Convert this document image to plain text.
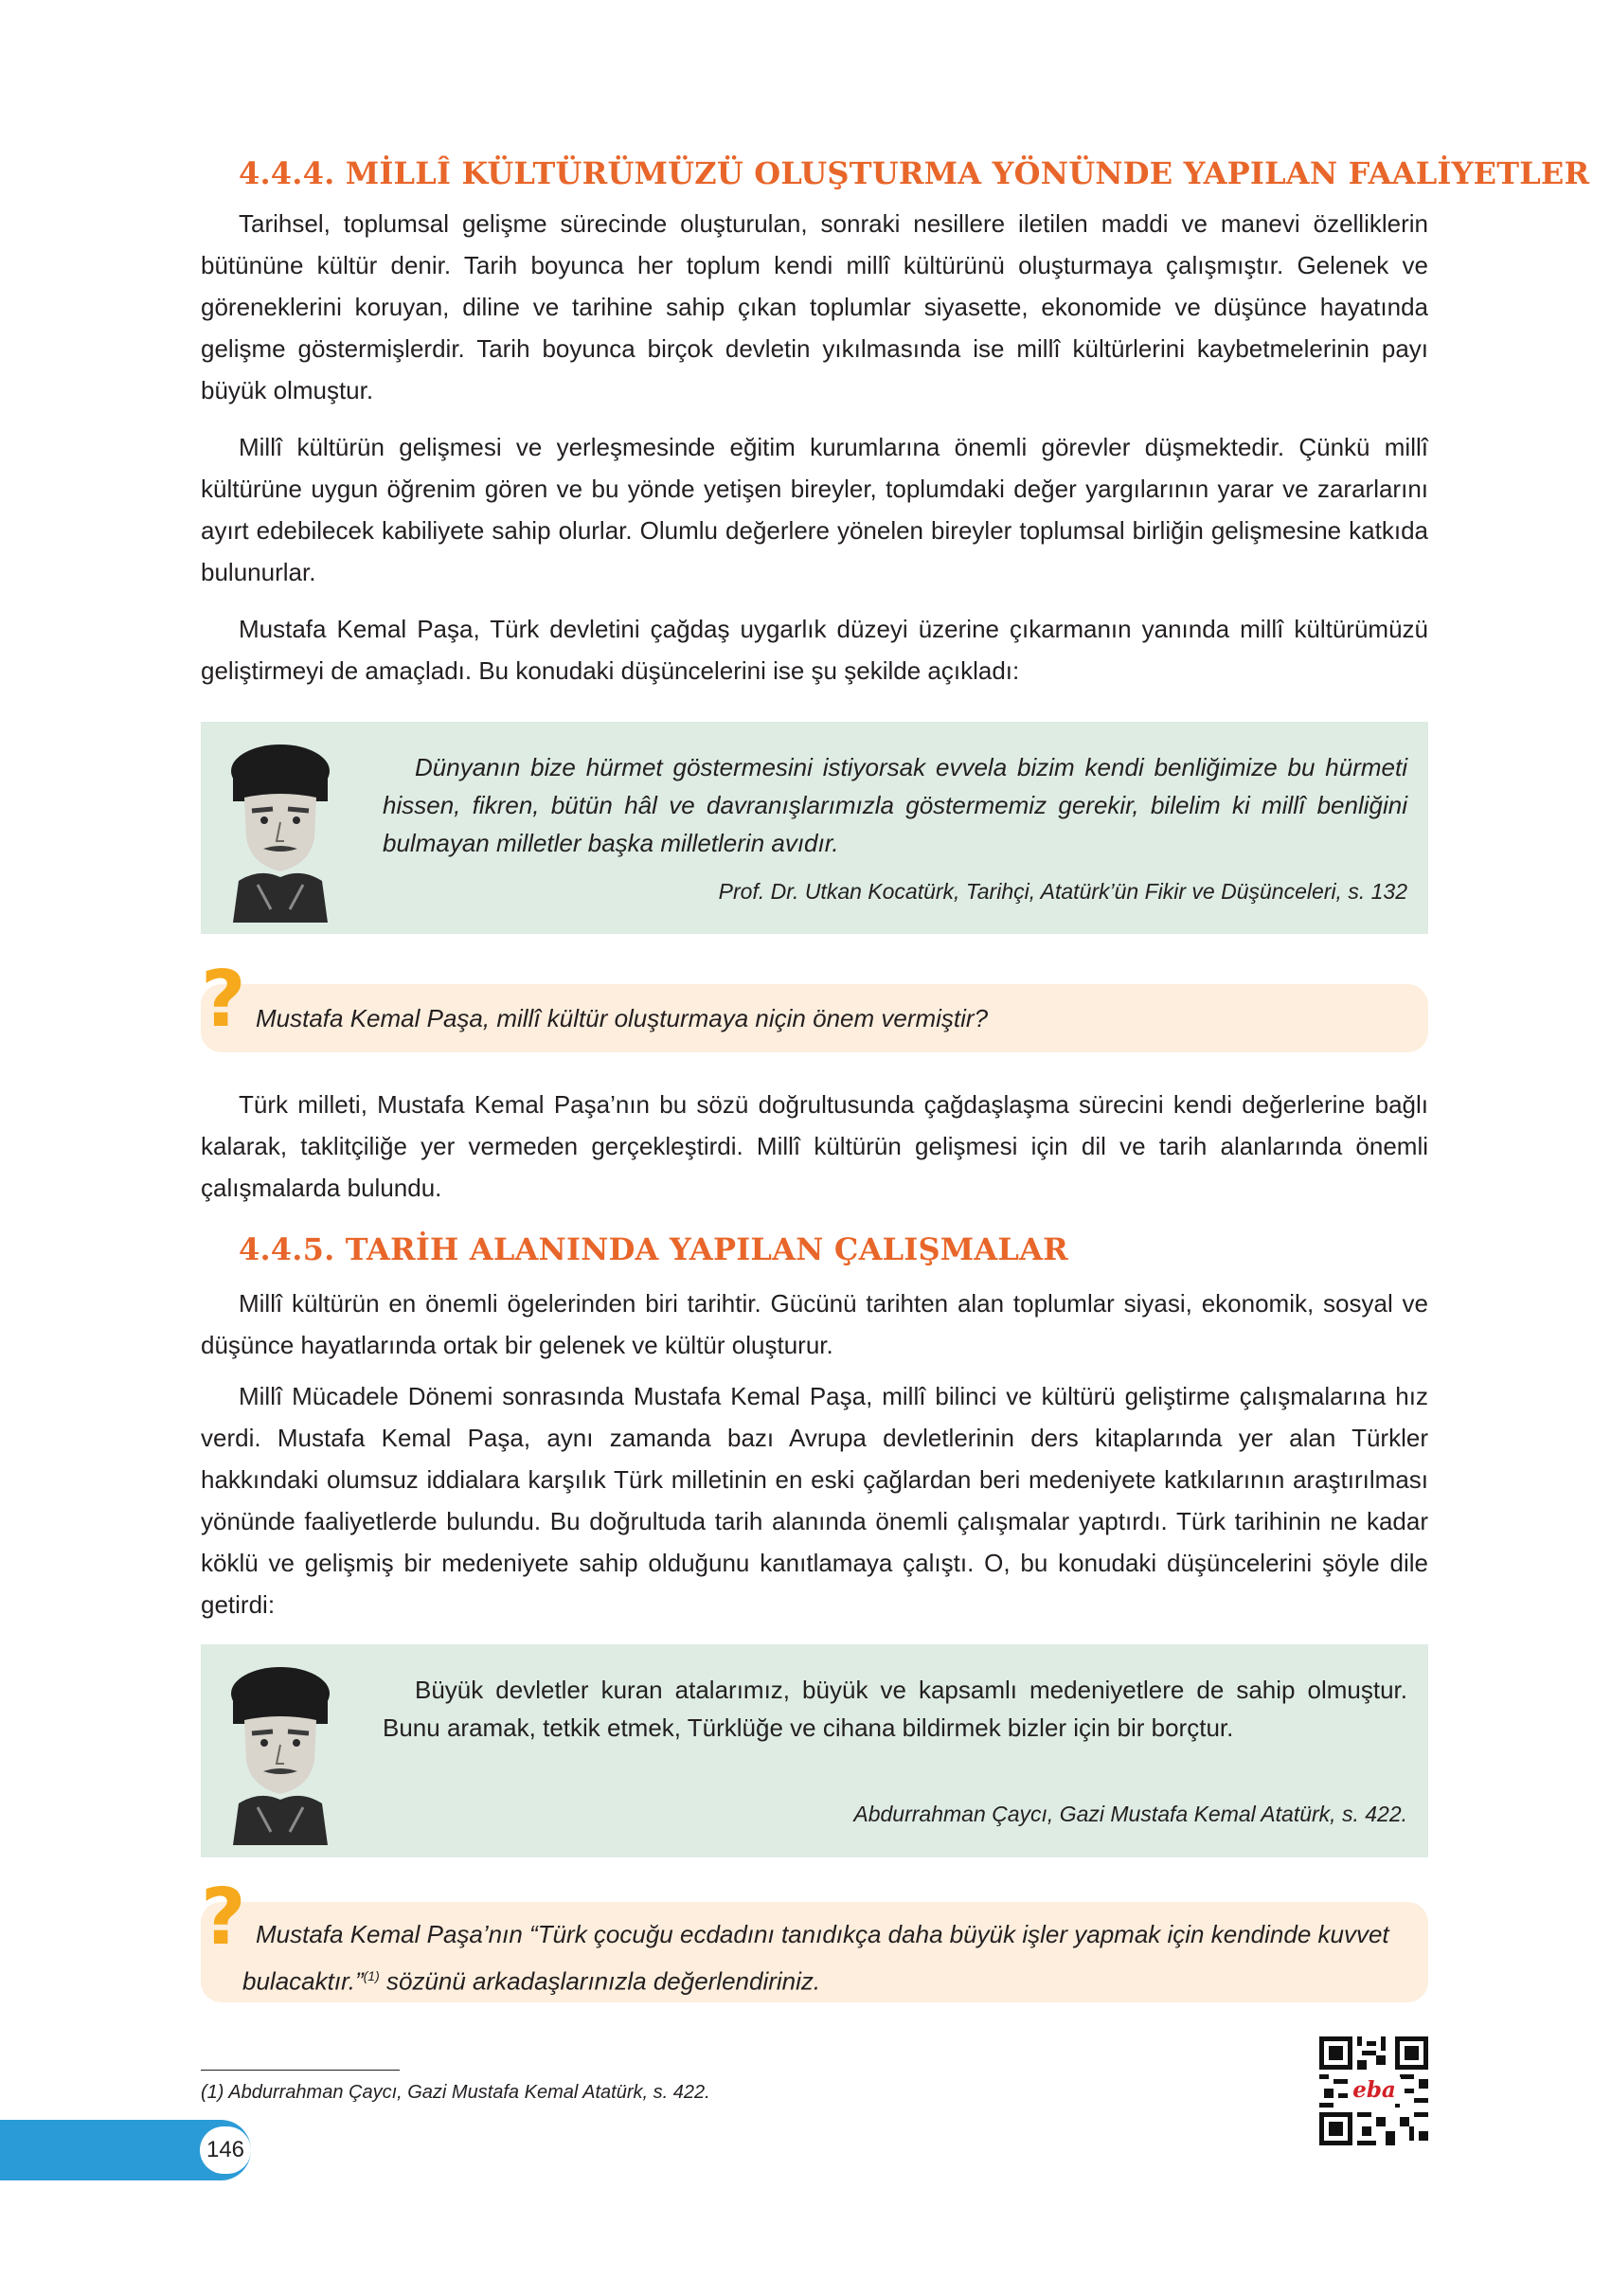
4.4.4. MİLLÎ KÜLTÜRÜMÜZÜ OLUŞTURMA YÖNÜNDE YAPILAN FAALİYETLER

Tarihsel, toplumsal gelişme sürecinde oluşturulan, sonraki nesillere iletilen maddi ve manevi özelliklerin bütününe kültür denir. Tarih boyunca her toplum kendi millî kültürünü oluşturmaya çalışmıştır. Gelenek ve göreneklerini koruyan, diline ve tarihine sahip çıkan toplumlar siyasette, ekonomide ve düşünce hayatında gelişme göstermişlerdir. Tarih boyunca birçok devletin yıkılmasında ise millî kültürlerini kaybetmelerinin payı büyük olmuştur.

Millî kültürün gelişmesi ve yerleşmesinde eğitim kurumlarına önemli görevler düşmektedir. Çünkü millî kültürüne uygun öğrenim gören ve bu yönde yetişen bireyler, toplumdaki değer yargılarının yarar ve zararlarını ayırt edebilecek kabiliyete sahip olurlar. Olumlu değerlere yönelen bireyler toplumsal birliğin gelişmesine katkıda bulunurlar.

Mustafa Kemal Paşa, Türk devletini çağdaş uygarlık düzeyi üzerine çıkarmanın yanında millî kültürümüzü geliştirmeyi de amaçladı. Bu konudaki düşüncelerini ise şu şekilde açıkladı:

Dünyanın bize hürmet göstermesini istiyorsak evvela bizim kendi benliğimize bu hürmeti hissen, fikren, bütün hâl ve davranışlarımızla göstermemiz gerekir, bilelim ki millî benliğini bulmayan milletler başka milletlerin avıdır.

Prof. Dr. Utkan Kocatürk, Tarihçi, Atatürk’ün Fikir ve Düşünceleri, s. 132

? Mustafa Kemal Paşa, millî kültür oluşturmaya niçin önem vermiştir?

Türk milleti, Mustafa Kemal Paşa’nın bu sözü doğrultusunda çağdaşlaşma sürecini kendi değerlerine bağlı kalarak, taklitçiliğe yer vermeden gerçekleştirdi. Millî kültürün gelişmesi için dil ve tarih alanlarında önemli çalışmalarda bulundu.

4.4.5. TARİH ALANINDA YAPILAN ÇALIŞMALAR

Millî kültürün en önemli ögelerinden biri tarihtir. Gücünü tarihten alan toplumlar siyasi, ekonomik, sosyal ve düşünce hayatlarında ortak bir gelenek ve kültür oluşturur.

Millî Mücadele Dönemi sonrasında Mustafa Kemal Paşa, millî bilinci ve kültürü geliştirme çalışmalarına hız verdi. Mustafa Kemal Paşa, aynı zamanda bazı Avrupa devletlerinin ders kitaplarında yer alan Türkler hakkındaki olumsuz iddialara karşılık Türk milletinin en eski çağlardan beri medeniyete katkılarının araştırılması yönünde faaliyetlerde bulundu. Bu doğrultuda tarih alanında önemli çalışmalar yaptırdı. Türk tarihinin ne kadar köklü ve gelişmiş bir medeniyete sahip olduğunu kanıtlamaya çalıştı. O, bu konudaki düşüncelerini şöyle dile getirdi:

Büyük devletler kuran atalarımız, büyük ve kapsamlı medeniyetlere de sahip olmuştur. Bunu aramak, tetkik etmek, Türklüğe ve cihana bildirmek bizler için bir borçtur.

Abdurrahman Çaycı, Gazi Mustafa Kemal Atatürk, s. 422.

? Mustafa Kemal Paşa’nın “Türk çocuğu ecdadını tanıdıkça daha büyük işler yapmak için kendinde kuvvet bulacaktır.”$^{(1)}$ sözünü arkadaşlarınızla değerlendiriniz.

(1) Abdurrahman Çaycı, Gazi Mustafa Kemal Atatürk, s. 422.	eba
146
